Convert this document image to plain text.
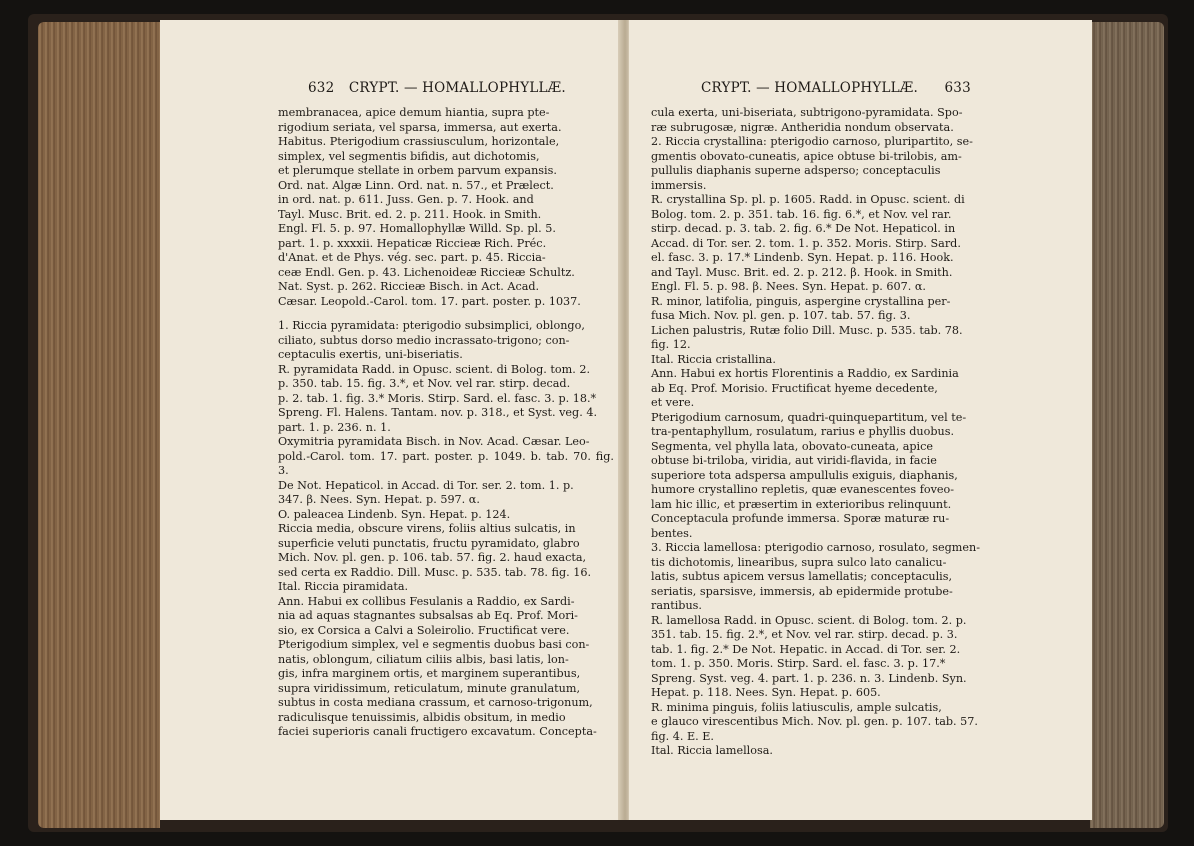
632 CRYPT. — HOMALLOPHYLLÆ.
membranacea, apice demum hiantia, supra pte-
rigodium seriata, vel sparsa, immersa, aut exerta.
Habitus. Pterigodium crassiusculum, horizontale,
simplex, vel segmentis bifidis, aut dichotomis,
et plerumque stellate in orbem parvum expansis.
Ord. nat. Algæ Linn. Ord. nat. n. 57., et Prælect.
in ord. nat. p. 611. Juss. Gen. p. 7. Hook. and
Tayl. Musc. Brit. ed. 2. p. 211. Hook. in Smith.
Engl. Fl. 5. p. 97. Homallophyllæ Willd. Sp. pl. 5.
part. 1. p. xxxxii. Hepaticæ Ricciеæ Rich. Préc.
d'Anat. et de Phys. vég. sec. part. p. 45. Riccia-
ceæ Endl. Gen. p. 43. Lichenoideæ Ricciеæ Schultz.
Nat. Syst. p. 262. Ricciеæ Bisch. in Act. Acad.
Cæsar. Leopold.-Carol. tom. 17. part. poster. p. 1037.
1. Riccia pyramidata: pterigodio subsimplici, oblongo,
ciliato, subtus dorso medio incrassato-trigono; con-
ceptaculis exertis, uni-biseriatis.
R. pyramidata Radd. in Opusc. scient. di Bolog. tom. 2.
p. 350. tab. 15. fig. 3.*, et Nov. vel rar. stirp. decad.
p. 2. tab. 1. fig. 3.* Moris. Stirp. Sard. el. fasc. 3. p. 18.*
Spreng. Fl. Halens. Tantam. nov. p. 318., et Syst. veg. 4.
part. 1. p. 236. n. 1.
Oxymitria pyramidata Bisch. in Nov. Acad. Cæsar. Leo-
pold.-Carol. tom. 17. part. poster. p. 1049. b. tab. 70. fig. 3.
De Not. Hepaticol. in Accad. di Tor. ser. 2. tom. 1. p.
347. β. Nees. Syn. Hepat. p. 597. α.
O. paleacea Lindenb. Syn. Hepat. p. 124.
Riccia media, obscure virens, foliis altius sulcatis, in
superficie veluti punctatis, fructu pyramidato, glabro
Mich. Nov. pl. gen. p. 106. tab. 57. fig. 2. haud exacta,
sed certa ex Raddio. Dill. Musc. p. 535. tab. 78. fig. 16.
Ital. Riccia piramidata.
Ann. Habui ex collibus Fesulanis a Raddio, ex Sardi-
nia ad aquas stagnantes subsalsas ab Eq. Prof. Mori-
sio, ex Corsica a Calvi a Soleirolio. Fructificat vere.
Pterigodium simplex, vel e segmentis duobus basi con-
natis, oblongum, ciliatum ciliis albis, basi latis, lon-
gis, infra marginem ortis, et marginem superantibus,
supra viridissimum, reticulatum, minute granulatum,
subtus in costa mediana crassum, et carnoso-trigonum,
radiculisque tenuissimis, albidis obsitum, in medio
faciei superioris canali fructigero excavatum. Concepta-
CRYPT. — HOMALLOPHYLLÆ. 633
cula exerta, uni-biseriata, subtrigono-pyramidata. Spo-
ræ subrugosæ, nigræ. Antheridia nondum observata.
2. Riccia crystallina: pterigodio carnoso, pluripartito, se-
gmentis obovato-cuneatis, apice obtuse bi-trilobis, am-
pullulis diaphanis superne adsperso; conceptaculis
immersis.
R. crystallina Sp. pl. p. 1605. Radd. in Opusc. scient. di
Bolog. tom. 2. p. 351. tab. 16. fig. 6.*, et Nov. vel rar.
stirp. decad. p. 3. tab. 2. fig. 6.* De Not. Hepaticol. in
Accad. di Tor. ser. 2. tom. 1. p. 352. Moris. Stirp. Sard.
el. fasc. 3. p. 17.* Lindenb. Syn. Hepat. p. 116. Hook.
and Tayl. Musc. Brit. ed. 2. p. 212. β. Hook. in Smith.
Engl. Fl. 5. p. 98. β. Nees. Syn. Hepat. p. 607. α.
R. minor, latifolia, pinguis, aspergine crystallina per-
fusa Mich. Nov. pl. gen. p. 107. tab. 57. fig. 3.
Lichen palustris, Rutæ folio Dill. Musc. p. 535. tab. 78.
fig. 12.
Ital. Riccia cristallina.
Ann. Habui ex hortis Florentinis a Raddio, ex Sardinia
ab Eq. Prof. Morisio. Fructificat hyeme decedente,
et vere.
Pterigodium carnosum, quadri-quinquepartitum, vel te-
tra-pentaphyllum, rosulatum, rarius e phyllis duobus.
Segmenta, vel phylla lata, obovato-cuneata, apice
obtuse bi-triloba, viridia, aut viridi-flavida, in facie
superiore tota adspersa ampullulis exiguis, diaphanis,
humore crystallino repletis, quæ evanescentes foveo-
lam hic illic, et præsertim in exterioribus relinquunt.
Conceptacula profunde immersa. Sporæ maturæ ru-
bentes.
3. Riccia lamellosa: pterigodio carnoso, rosulato, segmen-
tis dichotomis, linearibus, supra sulco lato canalicu-
latis, subtus apicem versus lamellatis; conceptaculis,
seriatis, sparsisve, immersis, ab epidermide protube-
rantibus.
R. lamellosa Radd. in Opusc. scient. di Bolog. tom. 2. p.
351. tab. 15. fig. 2.*, et Nov. vel rar. stirp. decad. p. 3.
tab. 1. fig. 2.* De Not. Hepatic. in Accad. di Tor. ser. 2.
tom. 1. p. 350. Moris. Stirp. Sard. el. fasc. 3. p. 17.*
Spreng. Syst. veg. 4. part. 1. p. 236. n. 3. Lindenb. Syn.
Hepat. p. 118. Nees. Syn. Hepat. p. 605.
R. minima pinguis, foliis latiusculis, ample sulcatis,
e glauco virescentibus Mich. Nov. pl. gen. p. 107. tab. 57.
fig. 4. E. E.
Ital. Riccia lamellosa.
